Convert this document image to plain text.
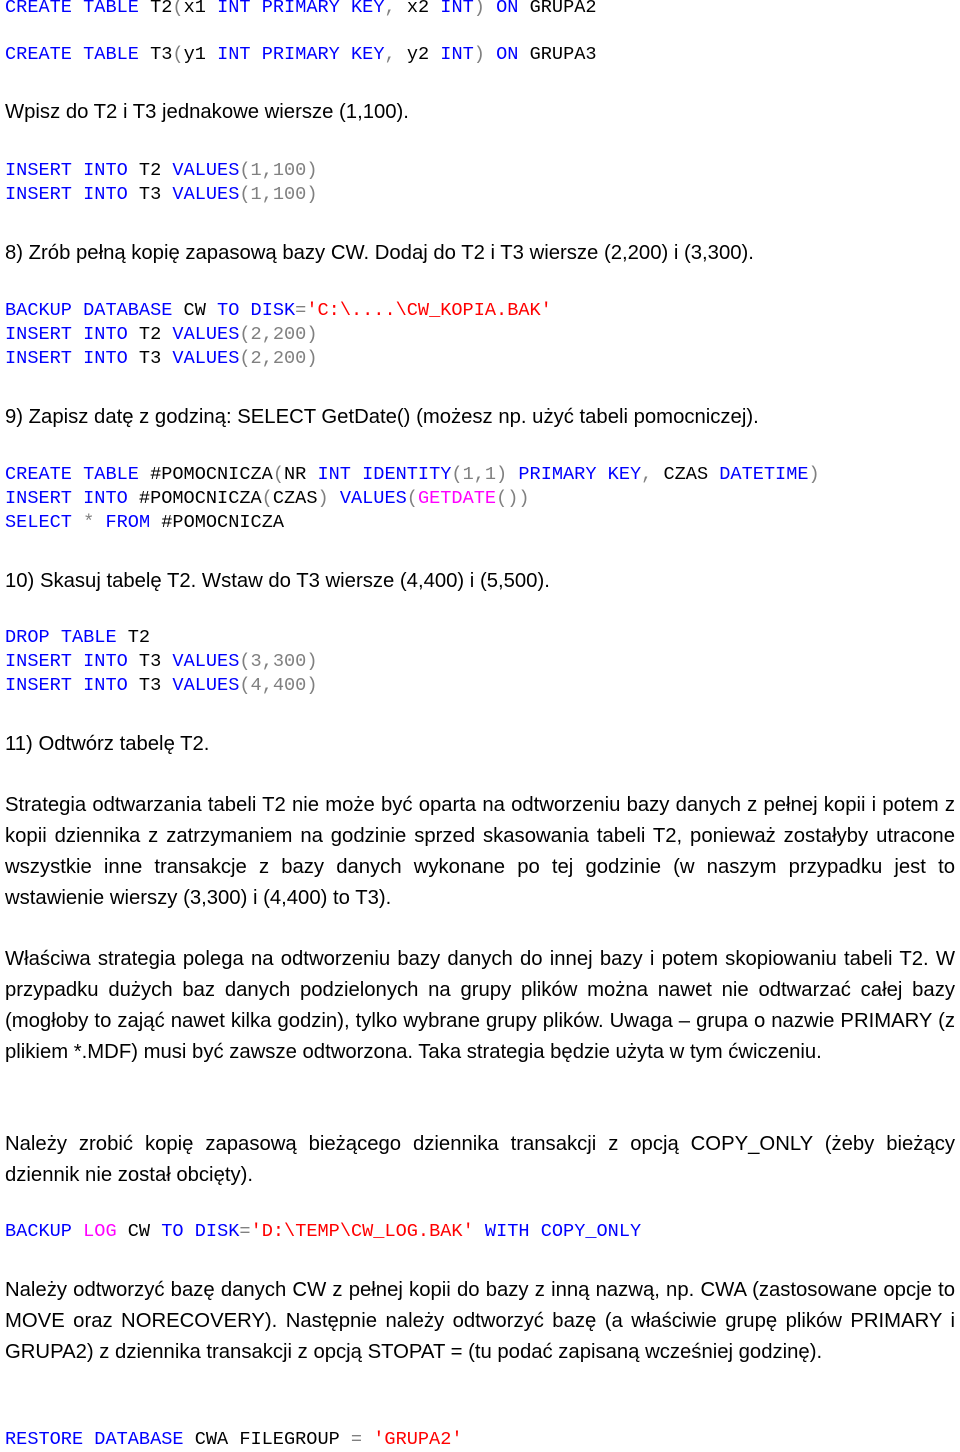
CREATE TABLE T2(x1 INT PRIMARY KEY, x2 INT) ON GRUPA2
CREATE TABLE T3(y1 INT PRIMARY KEY, y2 INT) ON GRUPA3
Wpisz do T2 i T3 jednakowe wiersze (1,100).
INSERT INTO T2 VALUES(1,100)
INSERT INTO T3 VALUES(1,100)
8) Zrób pełną kopię zapasową bazy CW. Dodaj do T2 i T3 wiersze (2,200) i (3,300).
BACKUP DATABASE CW TO DISK='C:\....\CW_KOPIA.BAK'
INSERT INTO T2 VALUES(2,200)
INSERT INTO T3 VALUES(2,200)
9) Zapisz datę z godziną: SELECT GetDate() (możesz np. użyć tabeli pomocniczej).
CREATE TABLE #POMOCNICZA(NR INT IDENTITY(1,1) PRIMARY KEY, CZAS DATETIME)
INSERT INTO #POMOCNICZA(CZAS) VALUES(GETDATE())
SELECT * FROM #POMOCNICZA
10) Skasuj tabelę T2. Wstaw do T3 wiersze (4,400) i (5,500).
DROP TABLE T2
INSERT INTO T3 VALUES(3,300)
INSERT INTO T3 VALUES(4,400)
11) Odtwórz tabelę T2.

Strategia odtwarzania tabeli T2 nie może być oparta na odtworzeniu bazy danych z pełnej kopii i potem z kopii dziennika z zatrzymaniem na godzinie sprzed skasowania tabeli T2, ponieważ zostałyby utracone wszystkie inne transakcje z bazy danych wykonane po tej godzinie (w naszym przypadku jest to wstawienie wierszy (3,300) i (4,400) to T3).

Właściwa strategia polega na odtworzeniu bazy danych do innej bazy i potem skopiowaniu tabeli T2. W przypadku dużych baz danych podzielonych na grupy plików można nawet nie odtwarzać całej bazy (mogłoby to zająć nawet kilka godzin), tylko wybrane grupy plików. Uwaga – grupa o nazwie PRIMARY (z plikiem *.MDF) musi być zawsze odtworzona. Taka strategia będzie użyta w tym ćwiczeniu.

Należy zrobić kopię zapasową bieżącego dziennika transakcji z opcją COPY_ONLY (żeby bieżący dziennik nie został obcięty).

BACKUP LOG CW TO DISK='D:\TEMP\CW_LOG.BAK' WITH COPY_ONLY

Należy odtworzyć bazę danych CW z pełnej kopii do bazy z inną nazwą, np. CWA (zastosowane opcje to MOVE oraz NORECOVERY). Następnie należy odtworzyć bazę (a właściwie grupę plików PRIMARY i GRUPA2) z dziennika transakcji z opcją STOPAT = (tu podać zapisaną wcześniej godzinę).

RESTORE DATABASE CWA FILEGROUP = 'GRUPA2'
